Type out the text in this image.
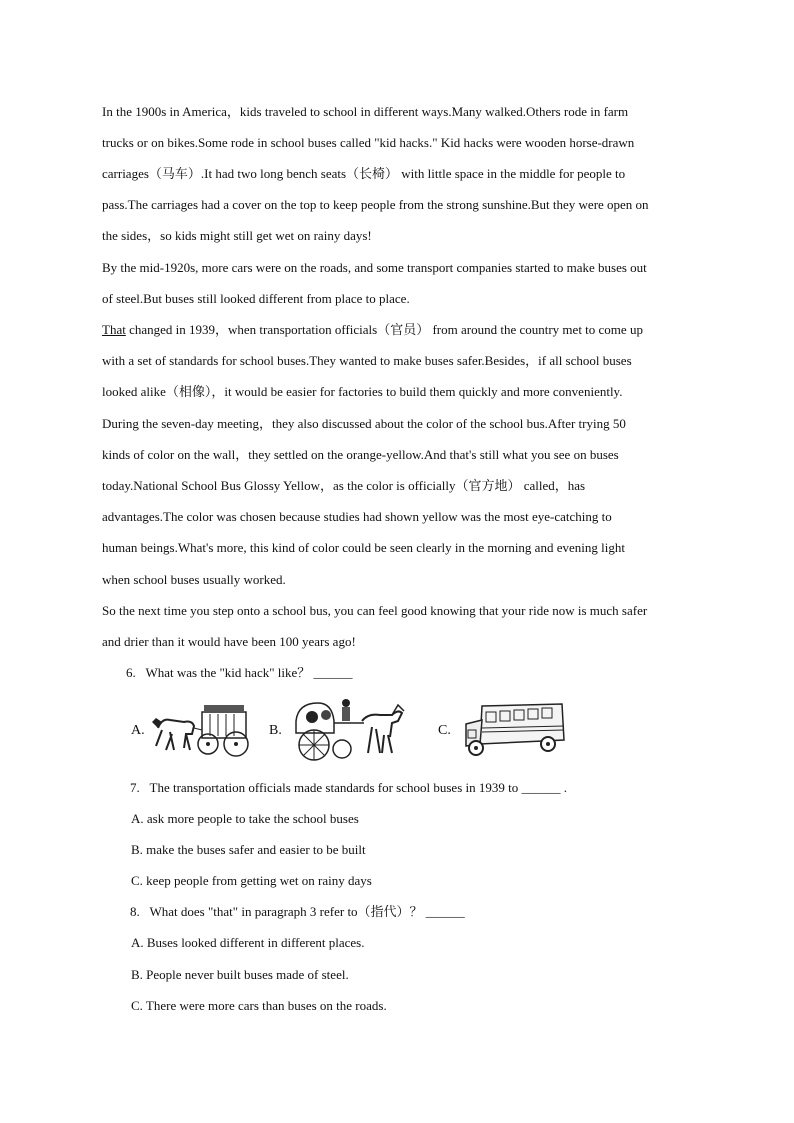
In the 1900s in America，kids traveled to school in different ways.Many walked.Others rode in farm
trucks or on bikes.Some rode in school buses called "kid hacks." Kid hacks were wooden horse-drawn
carriages（马车）.It had two long bench seats（长椅） with little space in the middle for people to
pass.The carriages had a cover on the top to keep people from the strong sunshine.But they were open on
the sides，so kids might still get wet on rainy days!
By the mid-1920s, more cars were on the roads, and some transport companies started to make buses out
of steel.But buses still looked different from place to place.
That changed in 1939，when transportation officials（官员） from around the country met to come up
with a set of standards for school buses.They wanted to make buses safer.Besides，if all school buses
looked alike（相像），it would be easier for factories to build them quickly and more conveniently.
During the seven-day meeting，they also discussed about the color of the school bus.After trying 50
kinds of color on the wall，they settled on the orange-yellow.And that's still what you see on buses
today.National School Bus Glossy Yellow，as the color is officially（官方地） called，has
advantages.The color was chosen because studies had shown yellow was the most eye-catching to
human beings.What's more, this kind of color could be seen clearly in the morning and evening light
when school buses usually worked.
So the next time you step onto a school bus, you can feel good knowing that your ride now is much safer
and drier than it would have been 100 years ago!
6. What was the "kid hack" like？ ______
A.	B.	C.
7. The transportation officials made standards for school buses in 1939 to ______ .
A. ask more people to take the school buses
B. make the buses safer and easier to be built
C. keep people from getting wet on rainy days
8. What does "that" in paragraph 3 refer to（指代）？ ______
A. Buses looked different in different places.
B. People never built buses made of steel.
C. There were more cars than buses on the roads.
